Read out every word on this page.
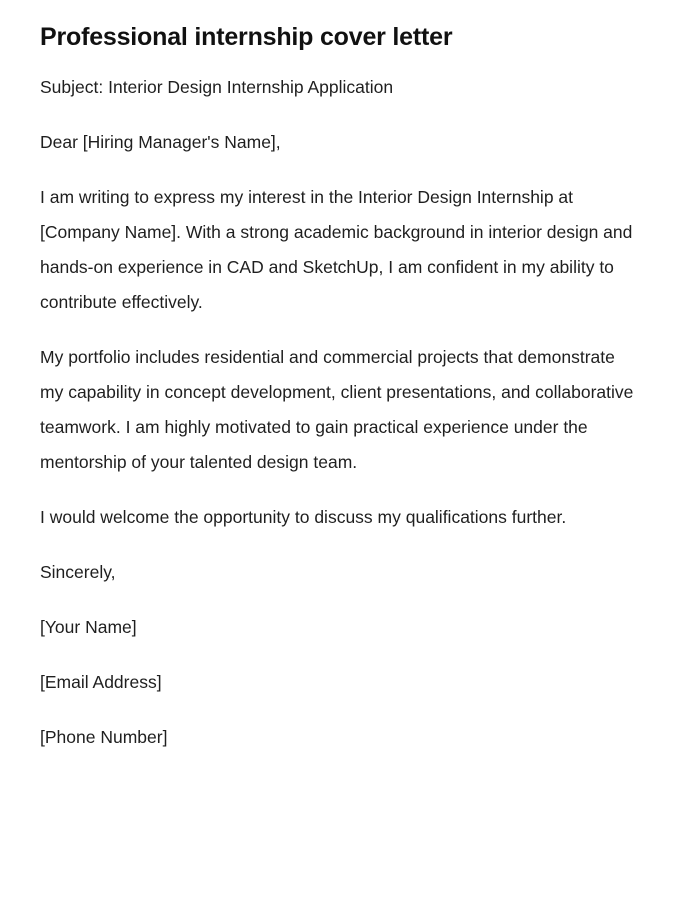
Professional internship cover letter

Subject: Interior Design Internship Application

Dear [Hiring Manager's Name],

I am writing to express my interest in the Interior Design Internship at [Company Name]. With a strong academic background in interior design and hands-on experience in CAD and SketchUp, I am confident in my ability to contribute effectively.

My portfolio includes residential and commercial projects that demonstrate my capability in concept development, client presentations, and collaborative teamwork. I am highly motivated to gain practical experience under the mentorship of your talented design team.

I would welcome the opportunity to discuss my qualifications further.

Sincerely,

[Your Name]

[Email Address]

[Phone Number]
